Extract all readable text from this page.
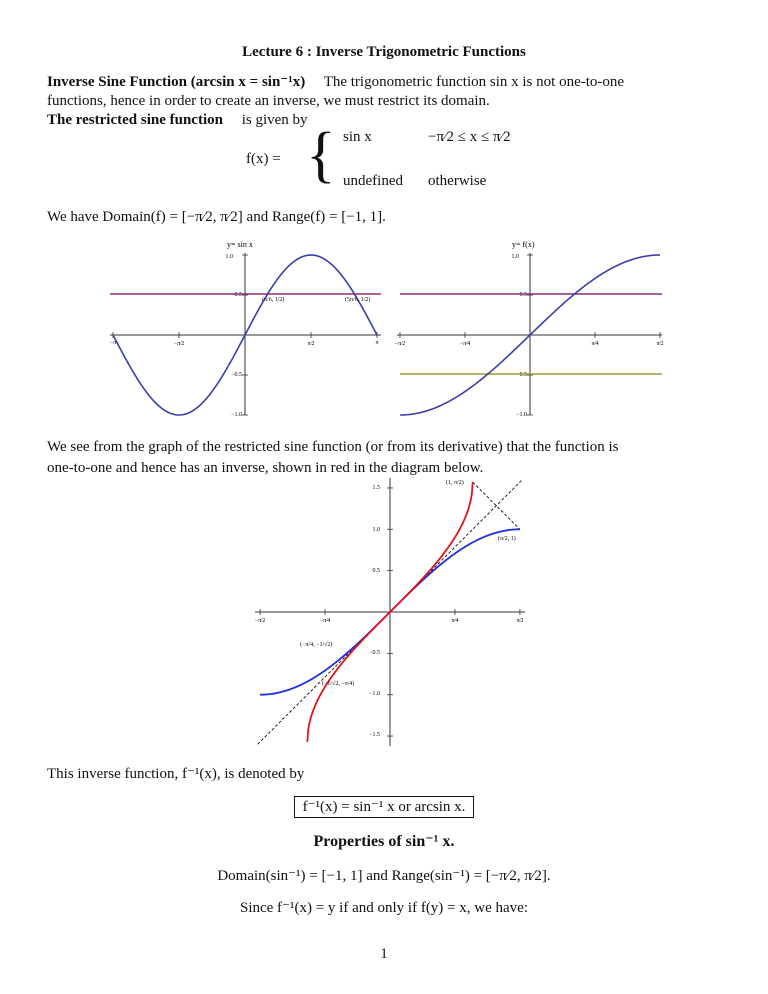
Lecture 6 : Inverse Trigonometric Functions
Inverse Sine Function (arcsin x = sin⁻¹x) The trigonometric function sin x is not one-to-one
functions, hence in order to create an inverse, we must restrict its domain.
The restricted sine function is given by
f(x) = { sin x	−π⁄2 ≤ x ≤ π⁄2
undefined otherwise
We have Domain(f) = [−π⁄2, π⁄2] and Range(f) = [−1, 1].
y= sin x
1.0
0.5
−0.5
−1.0
−π	−π⁄2	π⁄2	π
(π/6, 1/2)	(5π/6, 1/2)
y= f(x)
1.0
0.5
−0.5
−1.0
−π⁄2	−π⁄4	π⁄4	π⁄2
We see from the graph of the restricted sine function (or from its derivative) that the function is
one-to-one and hence has an inverse, shown in red in the diagram below.
1.5
1.0
0.5
−0.5
−1.0
−1.5
−π⁄2	−π⁄4	π⁄4	π⁄2
(1, π/2)
(π/2, 1)
(−π/4, −1/√2)
(−1/√2, −π/4)
This inverse function, f⁻¹(x), is denoted by
f⁻¹(x) = sin⁻¹ x or arcsin x.
Properties of sin⁻¹ x.
Domain(sin⁻¹) = [−1, 1] and Range(sin⁻¹) = [−π⁄2, π⁄2].
Since f⁻¹(x) = y if and only if f(y) = x, we have:
1
